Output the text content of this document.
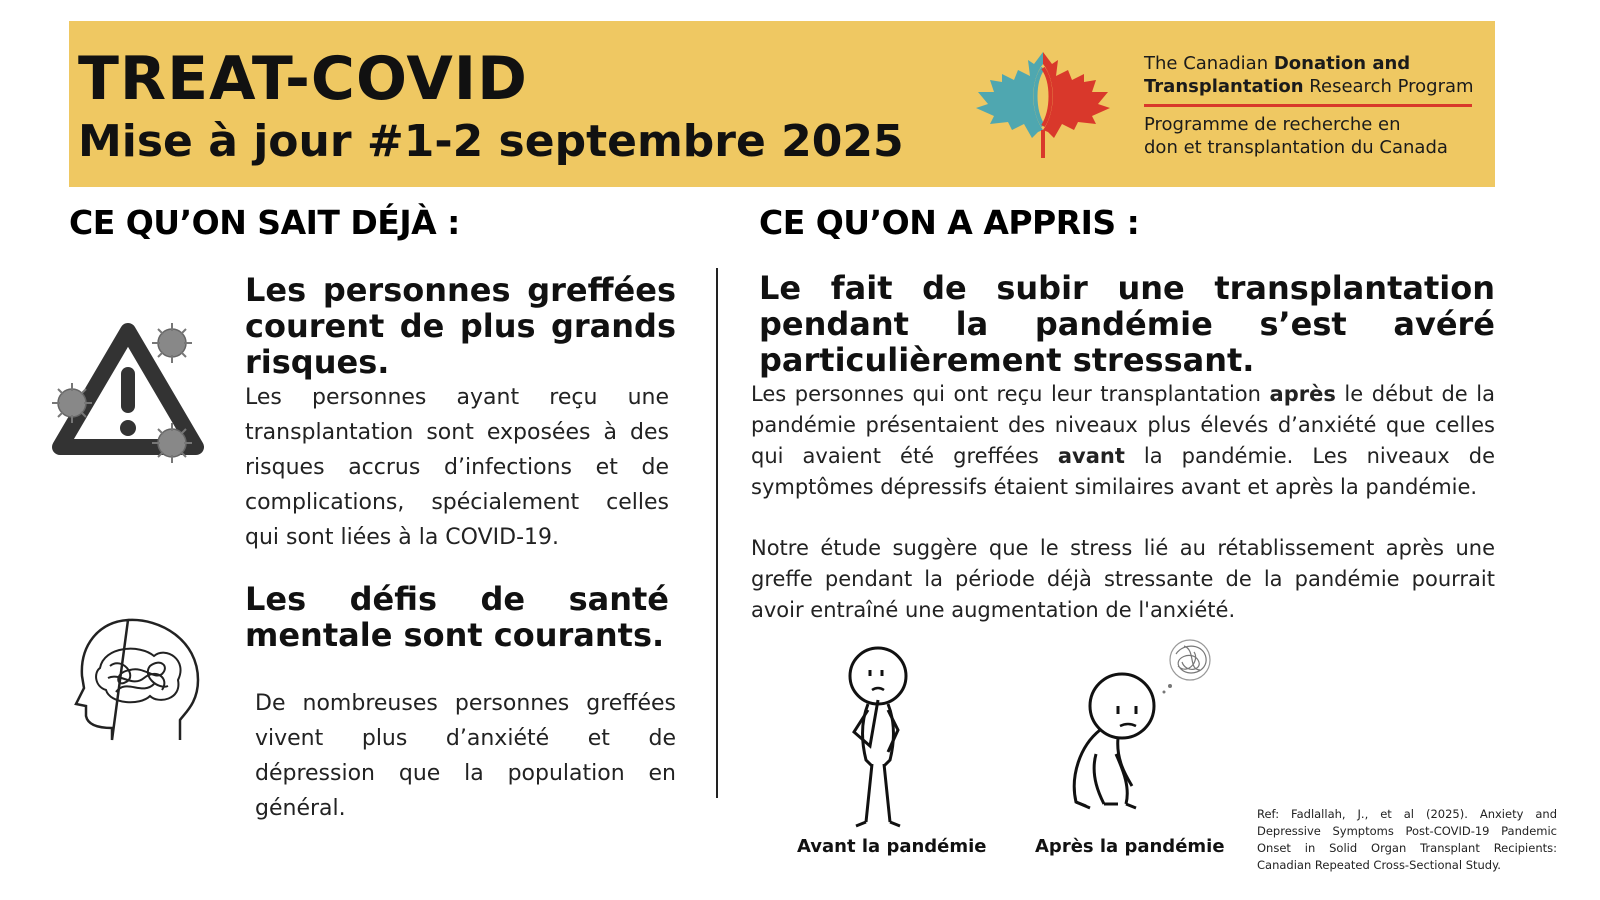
TREAT-COVID
Mise à jour #1-2 septembre 2025
The Canadian Donation and
Transplantation Research Program
Programme de recherche en
don et transplantation du Canada
CE QU’ON SAIT DÉJÀ :	CE QU’ON A APPRIS :
Les personnes greffées courent de plus grands risques.
Les personnes ayant reçu une transplantation sont exposées à des risques accrus d’infections et de complications, spécialement celles qui sont liées à la COVID-19.
Les défis de santé mentale sont courants.
De nombreuses personnes greffées vivent plus d’anxiété et de dépression que la population en général.
Le fait de subir une transplantation pendant la pandémie s’est avéré particulièrement stressant.
Les personnes qui ont reçu leur transplantation après le début de la pandémie présentaient des niveaux plus élevés d’anxiété que celles qui avaient été greffées avant la pandémie. Les niveaux de symptômes dépressifs étaient similaires avant et après la pandémie.
Notre étude suggère que le stress lié au rétablissement après une greffe pendant la période déjà stressante de la pandémie pourrait avoir entraîné une augmentation de l'anxiété.
Avant la pandémie	Après la pandémie
Ref: Fadlallah, J., et al (2025). Anxiety and Depressive Symptoms Post-COVID-19 Pandemic Onset in Solid Organ Transplant Recipients: Canadian Repeated Cross-Sectional Study.
